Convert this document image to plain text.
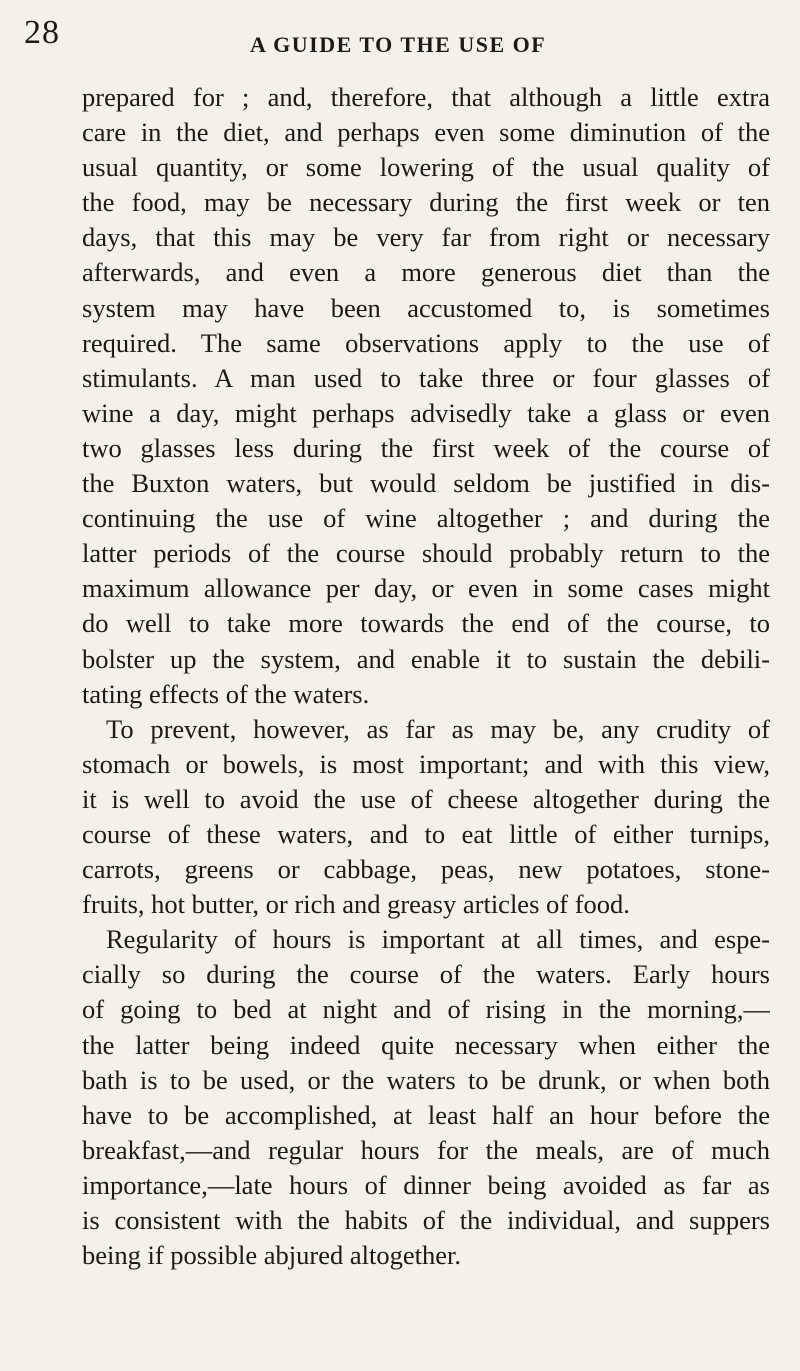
28	A GUIDE TO THE USE OF
prepared for ; and, therefore, that although a little extra
care in the diet, and perhaps even some diminution of the
usual quantity, or some lowering of the usual quality of
the food, may be necessary during the first week or ten
days, that this may be very far from right or necessary
afterwards, and even a more generous diet than the
system may have been accustomed to, is sometimes
required. The same observations apply to the use of
stimulants. A man used to take three or four glasses of
wine a day, might perhaps advisedly take a glass or even
two glasses less during the first week of the course of
the Buxton waters, but would seldom be justified in dis-
continuing the use of wine altogether ; and during the
latter periods of the course should probably return to the
maximum allowance per day, or even in some cases might
do well to take more towards the end of the course, to
bolster up the system, and enable it to sustain the debili-
tating effects of the waters.
To prevent, however, as far as may be, any crudity of
stomach or bowels, is most important; and with this view,
it is well to avoid the use of cheese altogether during the
course of these waters, and to eat little of either turnips,
carrots, greens or cabbage, peas, new potatoes, stone-
fruits, hot butter, or rich and greasy articles of food.
Regularity of hours is important at all times, and espe-
cially so during the course of the waters. Early hours
of going to bed at night and of rising in the morning,—
the latter being indeed quite necessary when either the
bath is to be used, or the waters to be drunk, or when both
have to be accomplished, at least half an hour before the
breakfast,—and regular hours for the meals, are of much
importance,—late hours of dinner being avoided as far as
is consistent with the habits of the individual, and suppers
being if possible abjured altogether.
